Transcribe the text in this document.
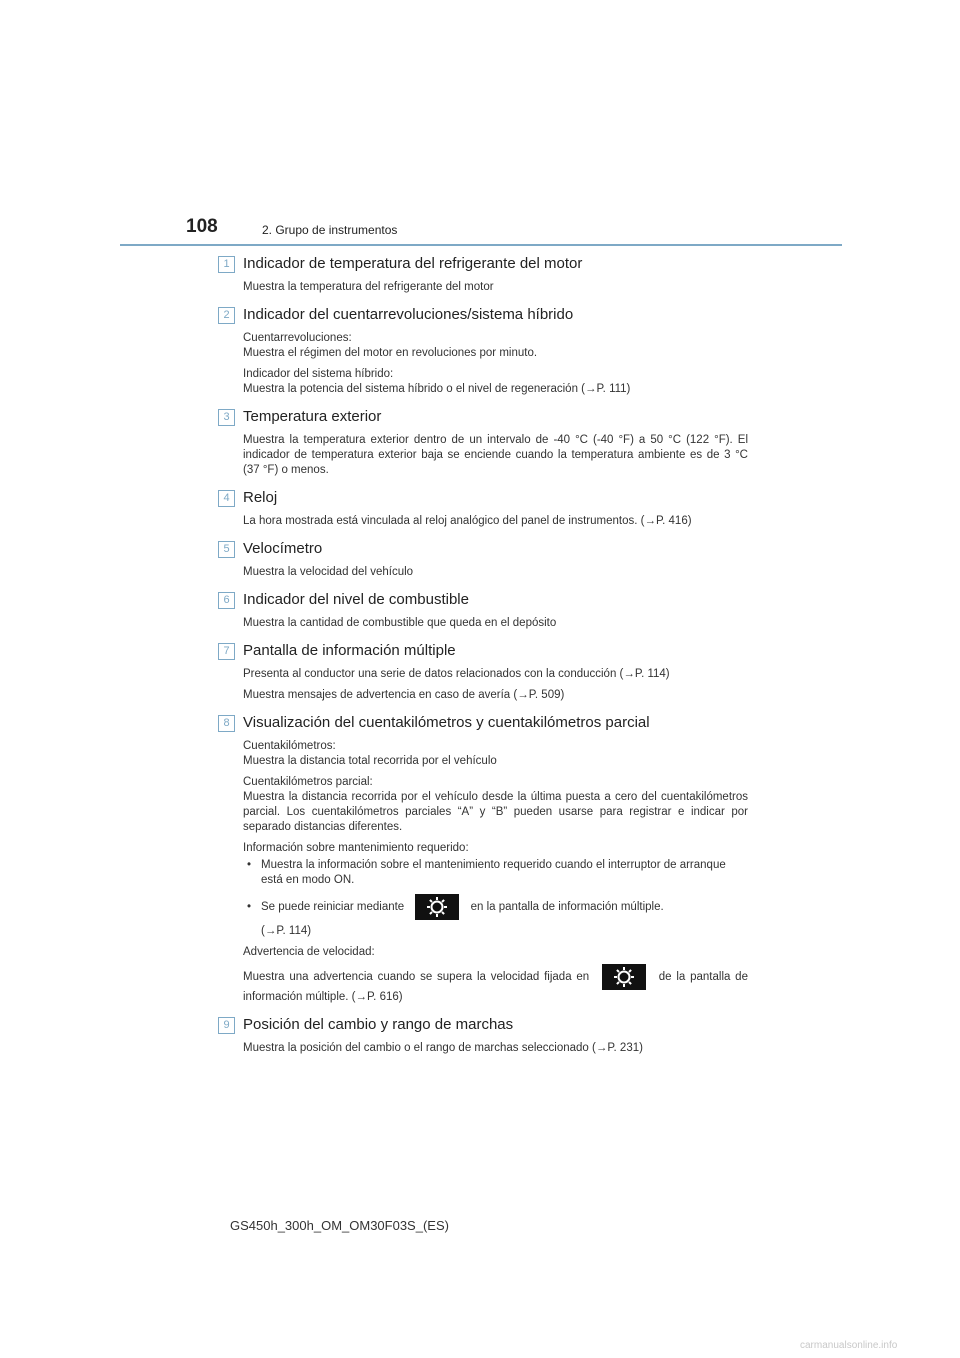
108	2. Grupo de instrumentos
1 Indicador de temperatura del refrigerante del motor
Muestra la temperatura del refrigerante del motor
2 Indicador del cuentarrevoluciones/sistema híbrido
Cuentarrevoluciones:
Muestra el régimen del motor en revoluciones por minuto.
Indicador del sistema híbrido:
Muestra la potencia del sistema híbrido o el nivel de regeneración (→P. 111)
3 Temperatura exterior
Muestra la temperatura exterior dentro de un intervalo de -40 °C (-40 °F) a 50 °C (122 °F). El indicador de temperatura exterior baja se enciende cuando la temperatura ambiente es de 3 °C (37 °F) o menos.
4 Reloj
La hora mostrada está vinculada al reloj analógico del panel de instrumentos. (→P. 416)
5 Velocímetro
Muestra la velocidad del vehículo
6 Indicador del nivel de combustible
Muestra la cantidad de combustible que queda en el depósito
7 Pantalla de información múltiple
Presenta al conductor una serie de datos relacionados con la conducción (→P. 114)
Muestra mensajes de advertencia en caso de avería (→P. 509)
8 Visualización del cuentakilómetros y cuentakilómetros parcial
Cuentakilómetros:
Muestra la distancia total recorrida por el vehículo
Cuentakilómetros parcial:
Muestra la distancia recorrida por el vehículo desde la última puesta a cero del cuentakilómetros parcial. Los cuentakilómetros parciales “A” y “B” pueden usarse para registrar e indicar por separado distancias diferentes.
Información sobre mantenimiento requerido:
• Muestra la información sobre el mantenimiento requerido cuando el interruptor de arranque está en modo ON.
• Se puede reiniciar mediante	en la pantalla de información múltiple.
(→P. 114)
Advertencia de velocidad:
Muestra una advertencia cuando se supera la velocidad fijada en	de la pantalla de información múltiple. (→P. 616)
9 Posición del cambio y rango de marchas
Muestra la posición del cambio o el rango de marchas seleccionado (→P. 231)
GS450h_300h_OM_OM30F03S_(ES)
carmanualsonline.info
